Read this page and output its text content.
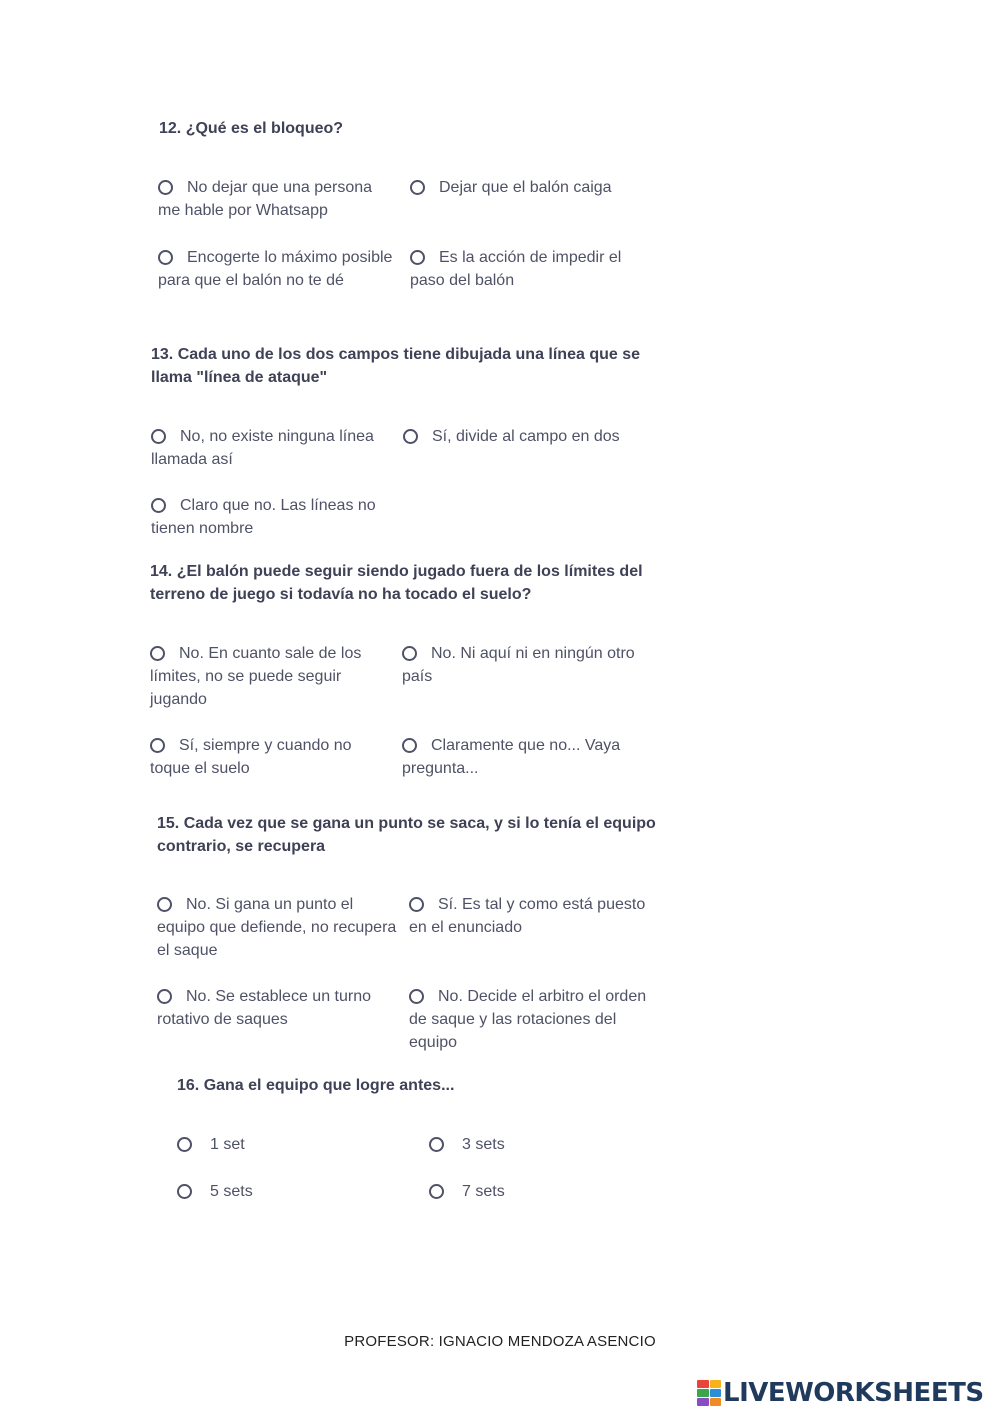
12. ¿Qué es el bloqueo?

No dejar que una persona me hable por Whatsapp
Dejar que el balón caiga
Encogerte lo máximo posible para que el balón no te dé
Es la acción de impedir el paso del balón

13. Cada uno de los dos campos tiene dibujada una línea que se llama "línea de ataque"

No, no existe ninguna línea llamada así
Sí, divide al campo en dos
Claro que no. Las líneas no tienen nombre

14. ¿El balón puede seguir siendo jugado fuera de los límites del terreno de juego si todavía no ha tocado el suelo?

No. En cuanto sale de los límites, no se puede seguir jugando
No. Ni aquí ni en ningún otro país
Sí, siempre y cuando no toque el suelo
Claramente que no... Vaya pregunta...

15. Cada vez que se gana un punto se saca, y si lo tenía el equipo contrario, se recupera

No. Si gana un punto el equipo que defiende, no recupera el saque
Sí. Es tal y como está puesto en el enunciado
No. Se establece un turno rotativo de saques
No. Decide el arbitro el orden de saque y las rotaciones del equipo

16. Gana el equipo que logre antes...

1 set	3 sets
5 sets	7 sets
PROFESOR: IGNACIO MENDOZA ASENCIO
LIVEWORKSHEETS
